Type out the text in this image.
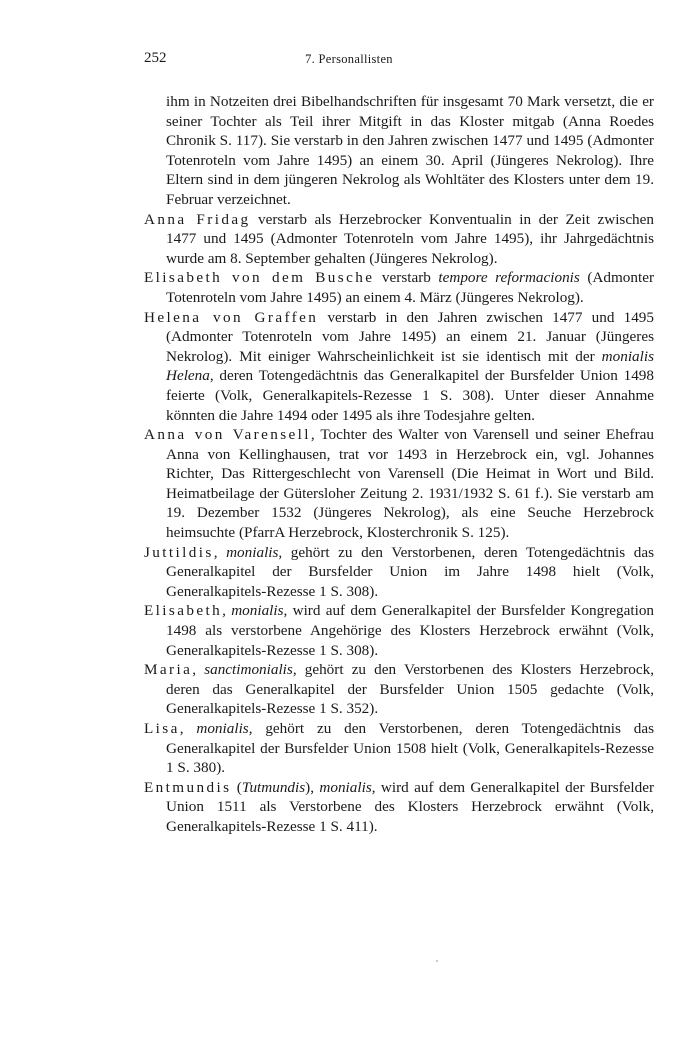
252	7. Personallisten

ihm in Notzeiten drei Bibelhandschriften für insgesamt 70 Mark versetzt, die er seiner Tochter als Teil ihrer Mitgift in das Kloster mitgab (Anna Roedes Chronik S. 117). Sie verstarb in den Jahren zwischen 1477 und 1495 (Admonter Totenroteln vom Jahre 1495) an einem 30. April (Jüngeres Nekrolog). Ihre Eltern sind in dem jüngeren Nekrolog als Wohltäter des Klosters unter dem 19. Februar verzeichnet.

Anna Fridag verstarb als Herzebrocker Konventualin in der Zeit zwischen 1477 und 1495 (Admonter Totenroteln vom Jahre 1495), ihr Jahrgedächtnis wurde am 8. September gehalten (Jüngeres Nekrolog).

Elisabeth von dem Busche verstarb tempore reformacionis (Admonter Totenroteln vom Jahre 1495) an einem 4. März (Jüngeres Nekrolog).

Helena von Graffen verstarb in den Jahren zwischen 1477 und 1495 (Admonter Totenroteln vom Jahre 1495) an einem 21. Januar (Jüngeres Nekrolog). Mit einiger Wahrscheinlichkeit ist sie identisch mit der monialis Helena, deren Totengedächtnis das Generalkapitel der Bursfelder Union 1498 feierte (Volk, Generalkapitels-Rezesse 1 S. 308). Unter dieser Annahme könnten die Jahre 1494 oder 1495 als ihre Todesjahre gelten.

Anna von Varensell, Tochter des Walter von Varensell und seiner Ehefrau Anna von Kellinghausen, trat vor 1493 in Herzebrock ein, vgl. Johannes Richter, Das Rittergeschlecht von Varensell (Die Heimat in Wort und Bild. Heimatbeilage der Gütersloher Zeitung 2. 1931/1932 S. 61 f.). Sie verstarb am 19. Dezember 1532 (Jüngeres Nekrolog), als eine Seuche Herzebrock heimsuchte (PfarrA Herzebrock, Klosterchronik S. 125).

Juttildis, monialis, gehört zu den Verstorbenen, deren Totengedächtnis das Generalkapitel der Bursfelder Union im Jahre 1498 hielt (Volk, Generalkapitels-Rezesse 1 S. 308).

Elisabeth, monialis, wird auf dem Generalkapitel der Bursfelder Kongregation 1498 als verstorbene Angehörige des Klosters Herzebrock erwähnt (Volk, Generalkapitels-Rezesse 1 S. 308).

Maria, sanctimonialis, gehört zu den Verstorbenen des Klosters Herzebrock, deren das Generalkapitel der Bursfelder Union 1505 gedachte (Volk, Generalkapitels-Rezesse 1 S. 352).

Lisa, monialis, gehört zu den Verstorbenen, deren Totengedächtnis das Generalkapitel der Bursfelder Union 1508 hielt (Volk, Generalkapitels-Rezesse 1 S. 380).

Entmundis (Tutmundis), monialis, wird auf dem Generalkapitel der Bursfelder Union 1511 als Verstorbene des Klosters Herzebrock erwähnt (Volk, Generalkapitels-Rezesse 1 S. 411).
